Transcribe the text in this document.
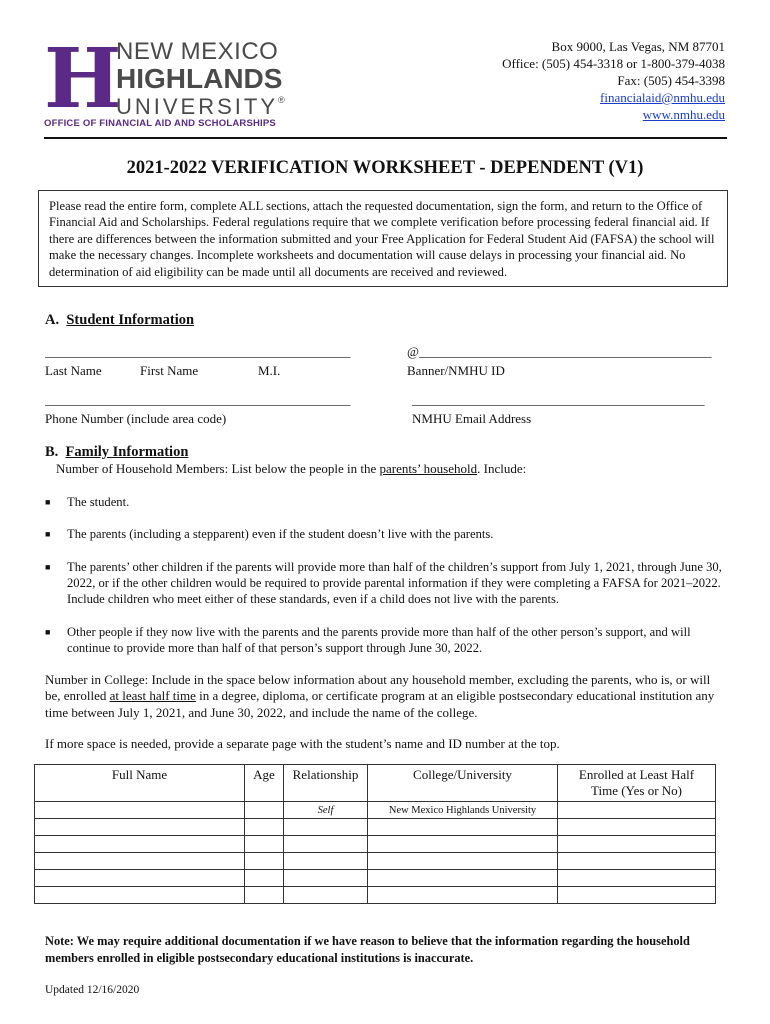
H
NEW MEXICO
HIGHLANDS
UNIVERSITY®
OFFICE OF FINANCIAL AID AND SCHOLARSHIPS
Box 9000, Las Vegas, NM 87701
Office: (505) 454-3318 or 1-800-379-4038
Fax: (505) 454-3398
financialaid@nmhu.edu
www.nmhu.edu
2021-2022 VERIFICATION WORKSHEET - DEPENDENT (V1)
Please read the entire form, complete ALL sections, attach the requested documentation, sign the form, and return to the Office of Financial Aid and Scholarships. Federal regulations require that we complete verification before processing federal financial aid. If there are differences between the information submitted and your Free Application for Federal Student Aid (FAFSA) the school will make the necessary changes. Incomplete worksheets and documentation will cause delays in processing your financial aid. No determination of aid eligibility can be made until all documents are received and reviewed.
A. Student Information
_______________________________________________	@_____________________________________________
Last Name	First Name	M.I.	Banner/NMHU ID
_______________________________________________	_____________________________________________
Phone Number (include area code)	NMHU Email Address
B. Family Information
Number of Household Members: List below the people in the parents’ household. Include:
■ The student.
■ The parents (including a stepparent) even if the student doesn’t live with the parents.
■ The parents’ other children if the parents will provide more than half of the children’s support from July 1, 2021, through June 30, 2022, or if the other children would be required to provide parental information if they were completing a FAFSA for 2021–2022. Include children who meet either of these standards, even if a child does not live with the parents.
■ Other people if they now live with the parents and the parents provide more than half of the other person’s support, and will continue to provide more than half of that person’s support through June 30, 2022.
Number in College: Include in the space below information about any household member, excluding the parents, who is, or will be, enrolled at least half time in a degree, diploma, or certificate program at an eligible postsecondary educational institution any time between July 1, 2021, and June 30, 2022, and include the name of the college.
If more space is needed, provide a separate page with the student’s name and ID number at the top.
Full Name	Age	Relationship	College/University	Enrolled at Least Half Time (Yes or No)
		Self	New Mexico Highlands University	

Note: We may require additional documentation if we have reason to believe that the information regarding the household members enrolled in eligible postsecondary educational institutions is inaccurate.
Updated 12/16/2020
